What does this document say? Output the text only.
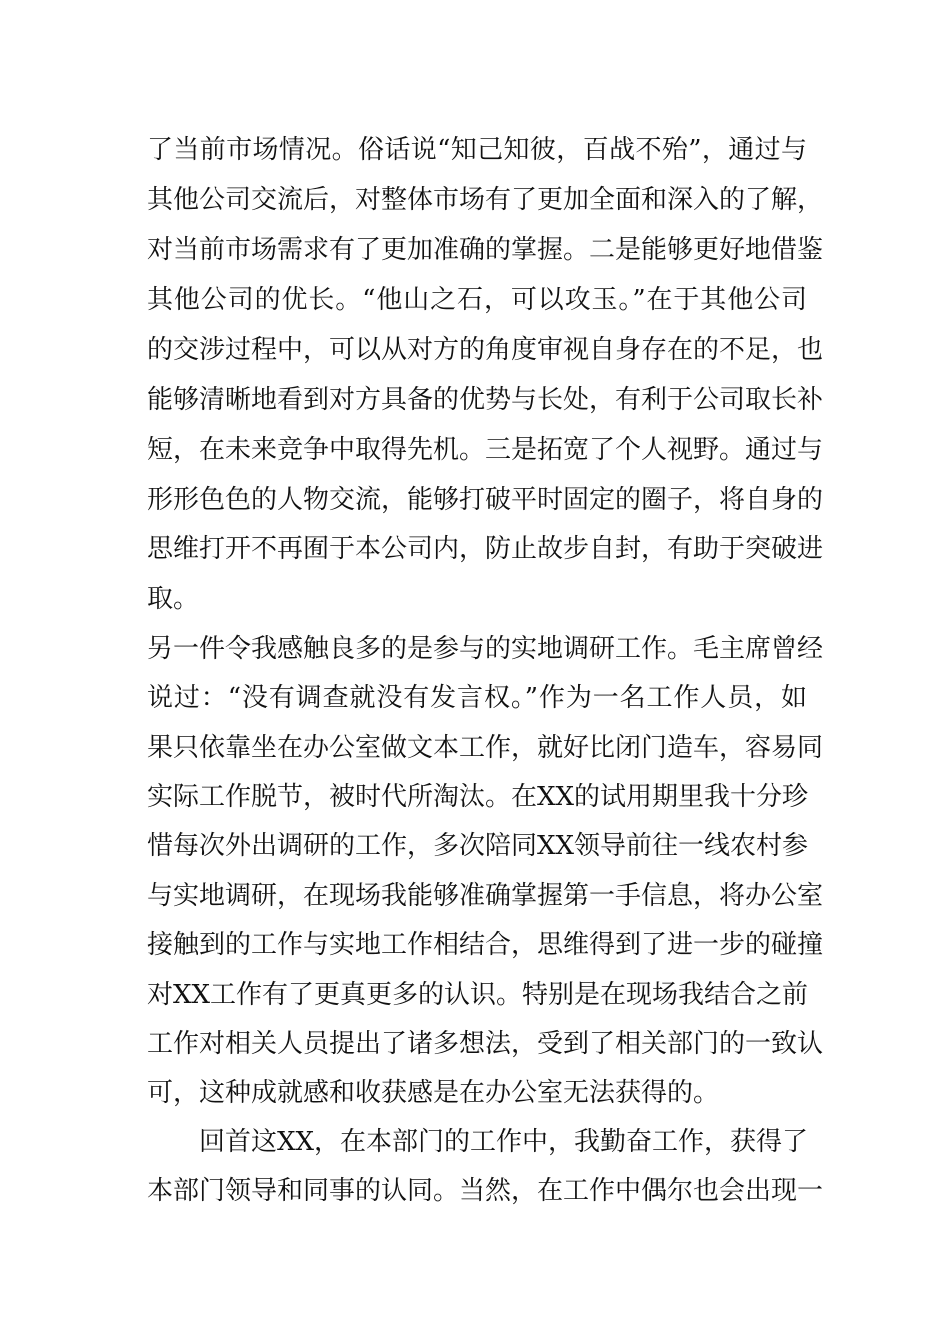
了当前市场情况。俗话说“知己知彼，百战不殆”，通过与

其他公司交流后，对整体市场有了更加全面和深入的了解，

对当前市场需求有了更加准确的掌握。二是能够更好地借鉴

其他公司的优长。“他山之石，可以攻玉。”在于其他公司

的交涉过程中，可以从对方的角度审视自身存在的不足，也

能够清晰地看到对方具备的优势与长处，有利于公司取长补

短，在未来竞争中取得先机。三是拓宽了个人视野。通过与

形形色色的人物交流，能够打破平时固定的圈子，将自身的

思维打开不再囿于本公司内，防止故步自封，有助于突破进

取。

另一件令我感触良多的是参与的实地调研工作。毛主席曾经

说过：“没有调查就没有发言权。”作为一名工作人员，如

果只依靠坐在办公室做文本工作，就好比闭门造车，容易同

实际工作脱节，被时代所淘汰。在XX的试用期里我十分珍

惜每次外出调研的工作，多次陪同XX领导前往一线农村参

与实地调研，在现场我能够准确掌握第一手信息，将办公室

接触到的工作与实地工作相结合，思维得到了进一步的碰撞

对XX工作有了更真更多的认识。特别是在现场我结合之前

工作对相关人员提出了诸多想法，受到了相关部门的一致认

可，这种成就感和收获感是在办公室无法获得的。

回首这XX，在本部门的工作中，我勤奋工作，获得了

本部门领导和同事的认同。当然，在工作中偶尔也会出现一
